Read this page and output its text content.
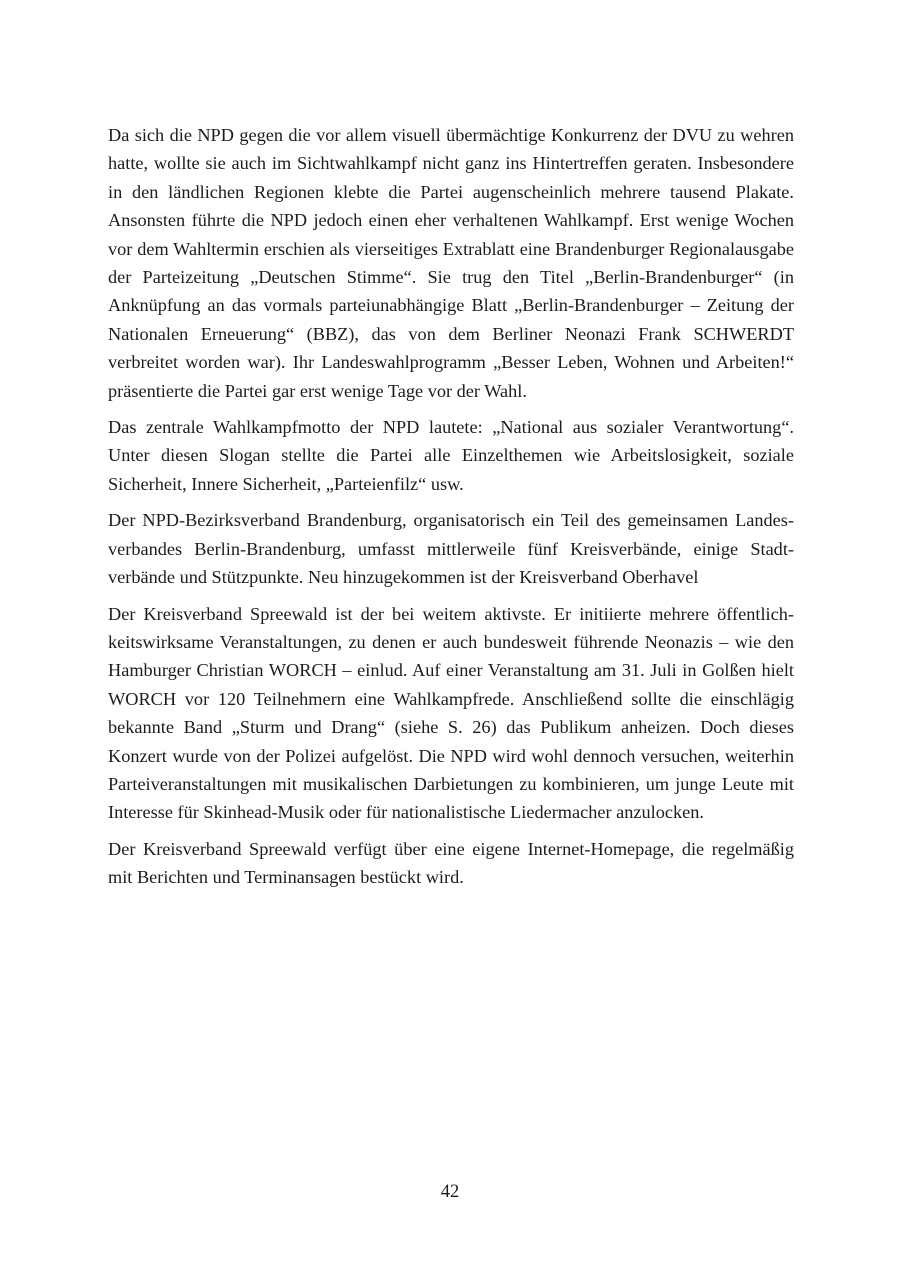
Da sich die NPD gegen die vor allem visuell übermächtige Konkurrenz der DVU zu wehren hatte, wollte sie auch im Sichtwahlkampf nicht ganz ins Hintertreffen geraten. Insbesondere in den ländlichen Regionen klebte die Partei augenscheinlich mehrere tausend Plakate. Ansonsten führte die NPD jedoch einen eher verhaltenen Wahlkampf. Erst wenige Wochen vor dem Wahltermin erschien als vierseitiges Extrablatt eine Brandenburger Regionalausgabe der Parteizeitung „Deutschen Stimme“. Sie trug den Titel „Berlin-Brandenburger“ (in Anknüpfung an das vormals parteiunabhängige Blatt „Berlin-Brandenburger – Zeitung der Nationalen Erneuerung“ (BBZ), das von dem Berliner Neonazi Frank SCHWERDT verbreitet worden war). Ihr Landeswahlprogramm „Besser Leben, Wohnen und Arbeiten!“ präsentierte die Partei gar erst wenige Tage vor der Wahl.

Das zentrale Wahlkampfmotto der NPD lautete: „National aus sozialer Verantwortung“. Unter diesen Slogan stellte die Partei alle Einzelthemen wie Arbeitslosigkeit, soziale Sicherheit, Innere Sicherheit, „Parteienfilz“ usw.

Der NPD-Bezirksverband Brandenburg, organisatorisch ein Teil des gemeinsamen Landesverbandes Berlin-Brandenburg, umfasst mittlerweile fünf Kreisverbände, einige Stadtverbände und Stützpunkte. Neu hinzugekommen ist der Kreisverband Oberhavel

Der Kreisverband Spreewald ist der bei weitem aktivste. Er initiierte mehrere öffentlichkeitswirksame Veranstaltungen, zu denen er auch bundesweit führende Neonazis – wie den Hamburger Christian WORCH – einlud. Auf einer Veranstaltung am 31. Juli in Golßen hielt WORCH vor 120 Teilnehmern eine Wahlkampfrede. Anschließend sollte die einschlägig bekannte Band „Sturm und Drang“ (siehe S. 26) das Publikum anheizen. Doch dieses Konzert wurde von der Polizei aufgelöst. Die NPD wird wohl dennoch versuchen, weiterhin Parteiveranstaltungen mit musikalischen Darbietungen zu kombinieren, um junge Leute mit Interesse für Skinhead-Musik oder für nationalistische Liedermacher anzulocken.

Der Kreisverband Spreewald verfügt über eine eigene Internet-Homepage, die regelmäßig mit Berichten und Terminansagen bestückt wird.

42
